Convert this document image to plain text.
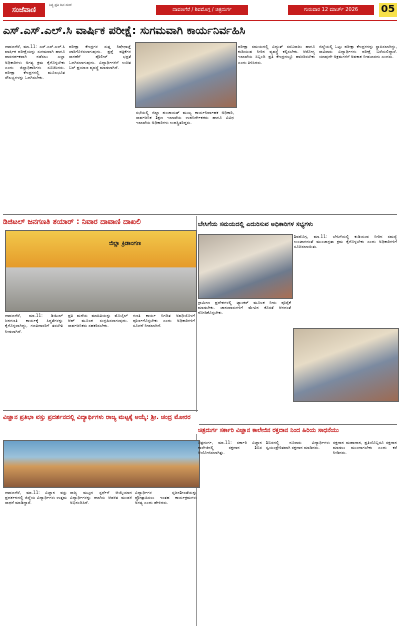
ಸಂಜೆವಾಣಿ
ನಿತ್ಯ ಪ್ರತಿ ದಿನ ಸಂಜೆ
ದಾವಣಗೆರೆ / ಶಿವಮೊಗ್ಗ / ಚಿತ್ರದುರ್ಗ	ಗುರುವಾರ 12 ಮಾರ್ಚ್ 2026	05
ಎಸ್.ಎಸ್.ಎಲ್.ಸಿ ವಾರ್ಷಿಕ ಪರೀಕ್ಷೆ: ಸುಗಮವಾಗಿ ಕಾರ್ಯನಿರ್ವಹಿಸಿ
ದಾವಣಗೆರೆ, ಮಾ.11: ಎಸ್.ಎಸ್.ಎಲ್.ಸಿ ವಾರ್ಷಿಕ ಪರೀಕ್ಷೆಯನ್ನು ಸುಗಮವಾಗಿ ಹಾಗೂ ಪಾರದರ್ಶಕವಾಗಿ ನಡೆಸಲು ಎಲ್ಲಾ ಅಧಿಕಾರಿಗಳು ಅಗತ್ಯ ಕ್ರಮ ಕೈಗೊಳ್ಳಬೇಕು ಎಂದು ಜಿಲ್ಲಾಧಿಕಾರಿಗಳು ಸೂಚಿಸಿದರು. ಪರೀಕ್ಷಾ ಕೇಂದ್ರಗಳಲ್ಲಿ ಮೂಲಭೂತ ಸೌಲಭ್ಯಗಳನ್ನು ಒದಗಿಸಬೇಕು.
ಪರೀಕ್ಷಾ ಕೇಂದ್ರಗಳ ಸುತ್ತ ನಿಷೇಧಾಜ್ಞೆ ಜಾರಿಗೊಳಿಸಲಾಗುವುದು. ಪ್ರಶ್ನೆ ಪತ್ರಿಕೆಗಳ ಸಾಗಣೆಗೆ ಪೊಲೀಸ್ ಭದ್ರತೆ ಒದಗಿಸಲಾಗುವುದು. ವಿದ್ಯಾರ್ಥಿಗಳಿಗೆ ಉಚಿತ ಬಸ್ ಪ್ರಯಾಣ ವ್ಯವಸ್ಥೆ ಮಾಡಲಾಗಿದೆ.
ಸಭೆಯಲ್ಲಿ ಜಿಲ್ಲಾ ಪಂಚಾಯತ್ ಮುಖ್ಯ ಕಾರ್ಯನಿರ್ವಾಹಕ ಅಧಿಕಾರಿ, ಸಾರ್ವಜನಿಕ ಶಿಕ್ಷಣ ಇಲಾಖೆಯ ಉಪನಿರ್ದೇಶಕರು ಹಾಗೂ ವಿವಿಧ ಇಲಾಖೆಯ ಅಧಿಕಾರಿಗಳು ಉಪಸ್ಥಿತರಿದ್ದರು.
ಪರೀಕ್ಷಾ ಸಮಯದಲ್ಲಿ ವಿದ್ಯುತ್ ಸರಬರಾಜು ಹಾಗೂ ಕುಡಿಯುವ ನೀರಿನ ವ್ಯವಸ್ಥೆ ಕಲ್ಪಿಸಬೇಕು. ಆರೋಗ್ಯ ಇಲಾಖೆಯ ಸಿಬ್ಬಂದಿ ಪ್ರತಿ ಕೇಂದ್ರದಲ್ಲೂ ಹಾಜರಿರಬೇಕು ಎಂದು ತಿಳಿಸಿದರು.
ಜಿಲ್ಲೆಯಲ್ಲಿ ಒಟ್ಟು ಪರೀಕ್ಷಾ ಕೇಂದ್ರಗಳನ್ನು ಸ್ಥಾಪಿಸಲಾಗಿದ್ದು, ಸಾವಿರಾರು ವಿದ್ಯಾರ್ಥಿಗಳು ಪರೀಕ್ಷೆ ಬರೆಯಲಿದ್ದಾರೆ. ಯಾವುದೇ ಅಕ್ರಮಗಳಿಗೆ ಅವಕಾಶ ನೀಡಬಾರದು ಎಂದರು.
ಡಿಜಿಟಲ್ ಜನಗಣತಿ ತಯಾರ್ : ನಿವಾರ ದಾವಾಣಿ ದಾಖಲಿ
ಜಿಲ್ಲಾ ಕ್ರಿಡಾಂಗಣ
ದಾವಣಗೆರೆ, ಮಾ.11: ಡಿಜಿಟಲ್ ಜನಗಣತಿ ಕಾರ್ಯಕ್ಕೆ ಸಿದ್ಧತೆಗಳನ್ನು ಕೈಗೊಳ್ಳಲಾಗಿದ್ದು, ಗಣತಿದಾರರಿಗೆ ತರಬೇತಿ ನೀಡಲಾಗಿದೆ.
ಪ್ರತಿ ಮನೆಯ ಮಾಹಿತಿಯನ್ನು ಮೊಬೈಲ್ ಆಪ್ ಮೂಲಕ ಸಂಗ್ರಹಿಸಲಾಗುವುದು. ಸಾರ್ವಜನಿಕರು ಸಹಕರಿಸಬೇಕು.
ಗಣತಿ ಕಾರ್ಯ ನಿಗದಿತ ಅವಧಿಯೊಳಗೆ ಪೂರ್ಣಗೊಳ್ಳಬೇಕು ಎಂದು ಅಧಿಕಾರಿಗಳಿಗೆ ಸೂಚನೆ ನೀಡಲಾಗಿದೆ.
ಬೇಸಿಗೆಯ ಸಮಯದಲ್ಲಿ ಎದುರಿಸುವ ಅಧಿಕಾರಿಗಳ ಸಭ್ಯಗಳು
ಶಿವಮೊಗ್ಗ, ಮಾ.11: ಬೇಸಿಗೆಯಲ್ಲಿ ಕುಡಿಯುವ ನೀರಿನ ಸಮಸ್ಯೆ ಉಂಟಾಗದಂತೆ ಮುಂಜಾಗ್ರತಾ ಕ್ರಮ ಕೈಗೊಳ್ಳಬೇಕು ಎಂದು ಅಧಿಕಾರಿಗಳಿಗೆ ಸೂಚಿಸಲಾಯಿತು.
ಗ್ರಾಮೀಣ ಪ್ರದೇಶಗಳಲ್ಲಿ ಟ್ಯಾಂಕರ್ ಮೂಲಕ ನೀರು ಪೂರೈಕೆ ಮಾಡಬೇಕು. ಜಾನುವಾರುಗಳಿಗೆ ಮೇವಿನ ಕೊರತೆ ಆಗದಂತೆ ನೋಡಿಕೊಳ್ಳಬೇಕು.
ವಿಜ್ಞಾನ ಪ್ರತಿಭಾ ವಸ್ತು ಪ್ರದರ್ಶನದಲ್ಲಿ ವಿದ್ಯಾರ್ಥಿಗಳು ರಾಜ್ಯ ಮಟ್ಟಕ್ಕೆ ಆಯ್ಕೆ: ಶ್ರೀ. ಚಂದ್ರ ಮೋರರ
ದಾವಣಗೆರೆ, ಮಾ.11: ವಿಜ್ಞಾನ ವಸ್ತು ಪ್ರದರ್ಶನದಲ್ಲಿ ಜಿಲ್ಲೆಯ ವಿದ್ಯಾರ್ಥಿಗಳು ಉತ್ತಮ ಸಾಧನೆ ಮಾಡಿದ್ದಾರೆ.
ರಾಜ್ಯ ಮಟ್ಟದ ಸ್ಪರ್ಧೆಗೆ ಆಯ್ಕೆಯಾದ ವಿದ್ಯಾರ್ಥಿಗಳನ್ನು ಶಾಲೆಯ ಆಡಳಿತ ಮಂಡಳಿ ಅಭಿನಂದಿಸಿದೆ.
ವಿದ್ಯಾರ್ಥಿಗಳ ಸೃಜನಶೀಲತೆಯನ್ನು ಪ್ರೋತ್ಸಾಹಿಸಲು ಇಂತಹ ಕಾರ್ಯಕ್ರಮಗಳು ಅಗತ್ಯ ಎಂದು ಹೇಳಿದರು.
ಚಿತ್ರದುರ್ಗ ಸರ್ಕಾರಿ ವಿಜ್ಞಾನ ಕಾಲೇಜಿನ ರಕ್ತದಾನ ನಿಂದ ಹಿರಿಯ ಸಾಧನೆಯು
ಚಿತ್ರದುರ್ಗ, ಮಾ.11: ಸರ್ಕಾರಿ ವಿಜ್ಞಾನ ಕಾಲೇಜಿನಲ್ಲಿ ರಕ್ತದಾನ ಶಿಬಿರ ಆಯೋಜಿಸಲಾಗಿತ್ತು.
ಶಿಬಿರದಲ್ಲಿ ನೂರಾರು ವಿದ್ಯಾರ್ಥಿಗಳು ಸ್ವಯಂಪ್ರೇರಿತವಾಗಿ ರಕ್ತದಾನ ಮಾಡಿದರು.
ರಕ್ತದಾನ ಮಹಾದಾನ, ಪ್ರತಿಯೊಬ್ಬರೂ ರಕ್ತದಾನ ಮಾಡಲು ಮುಂದಾಗಬೇಕು ಎಂದು ಕರೆ ನೀಡಿದರು.
